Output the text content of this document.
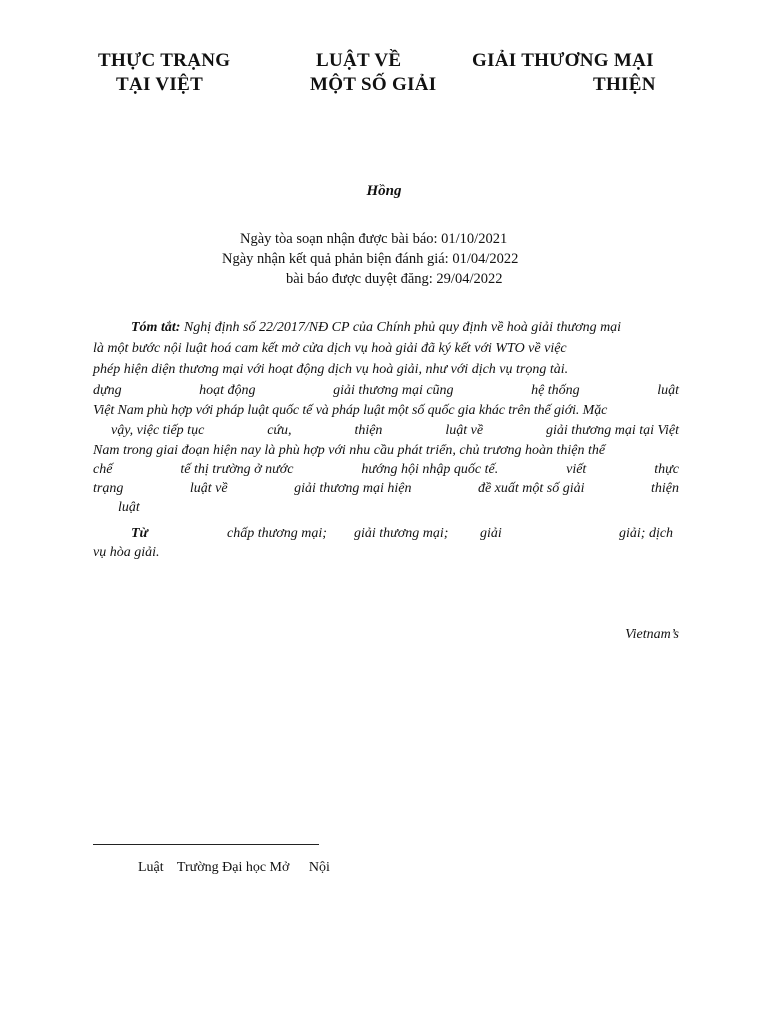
THỰC TRẠNG	LUẬT VỀ	GIẢI THƯƠNG MẠI
TẠI VIỆT	MỘT SỐ GIẢI	THIỆN
Hồng
Ngày tòa soạn nhận được bài báo: 01/10/2021
Ngày nhận kết quả phản biện đánh giá: 01/04/2022
bài báo được duyệt đăng: 29/04/2022
Tóm tắt: Nghị định số 22/2017/NĐ CP của Chính phủ quy định về hoà giải thương mại
là một bước nội luật hoá cam kết mở cửa dịch vụ hoà giải đã ký kết với WTO về việc
phép hiện diện thương mại với hoạt động dịch vụ hoà giải, như với dịch vụ trọng tài.
dựng	hoạt động	giải thương mại cũng	hệ thống	luật
Việt Nam phù hợp với pháp luật quốc tế và pháp luật một số quốc gia khác trên thế giới. Mặc
vậy, việc tiếp tục	cứu,	thiện	luật về	giải thương mại tại Việt
Nam trong giai đoạn hiện nay là phù hợp với nhu cầu phát triển, chủ trương hoàn thiện thể
chế	tế thị trường ở nước	hướng hội nhập quốc tế.	viết	thực
trạng	luật về	giải thương mại hiện	đề xuất một số giải	thiện
luật
Từ	chấp thương mại; giải thương mại; giải	giải; dịch
vụ hòa giải.
Vietnam’s
Luật Trường Đại học Mở Nội
